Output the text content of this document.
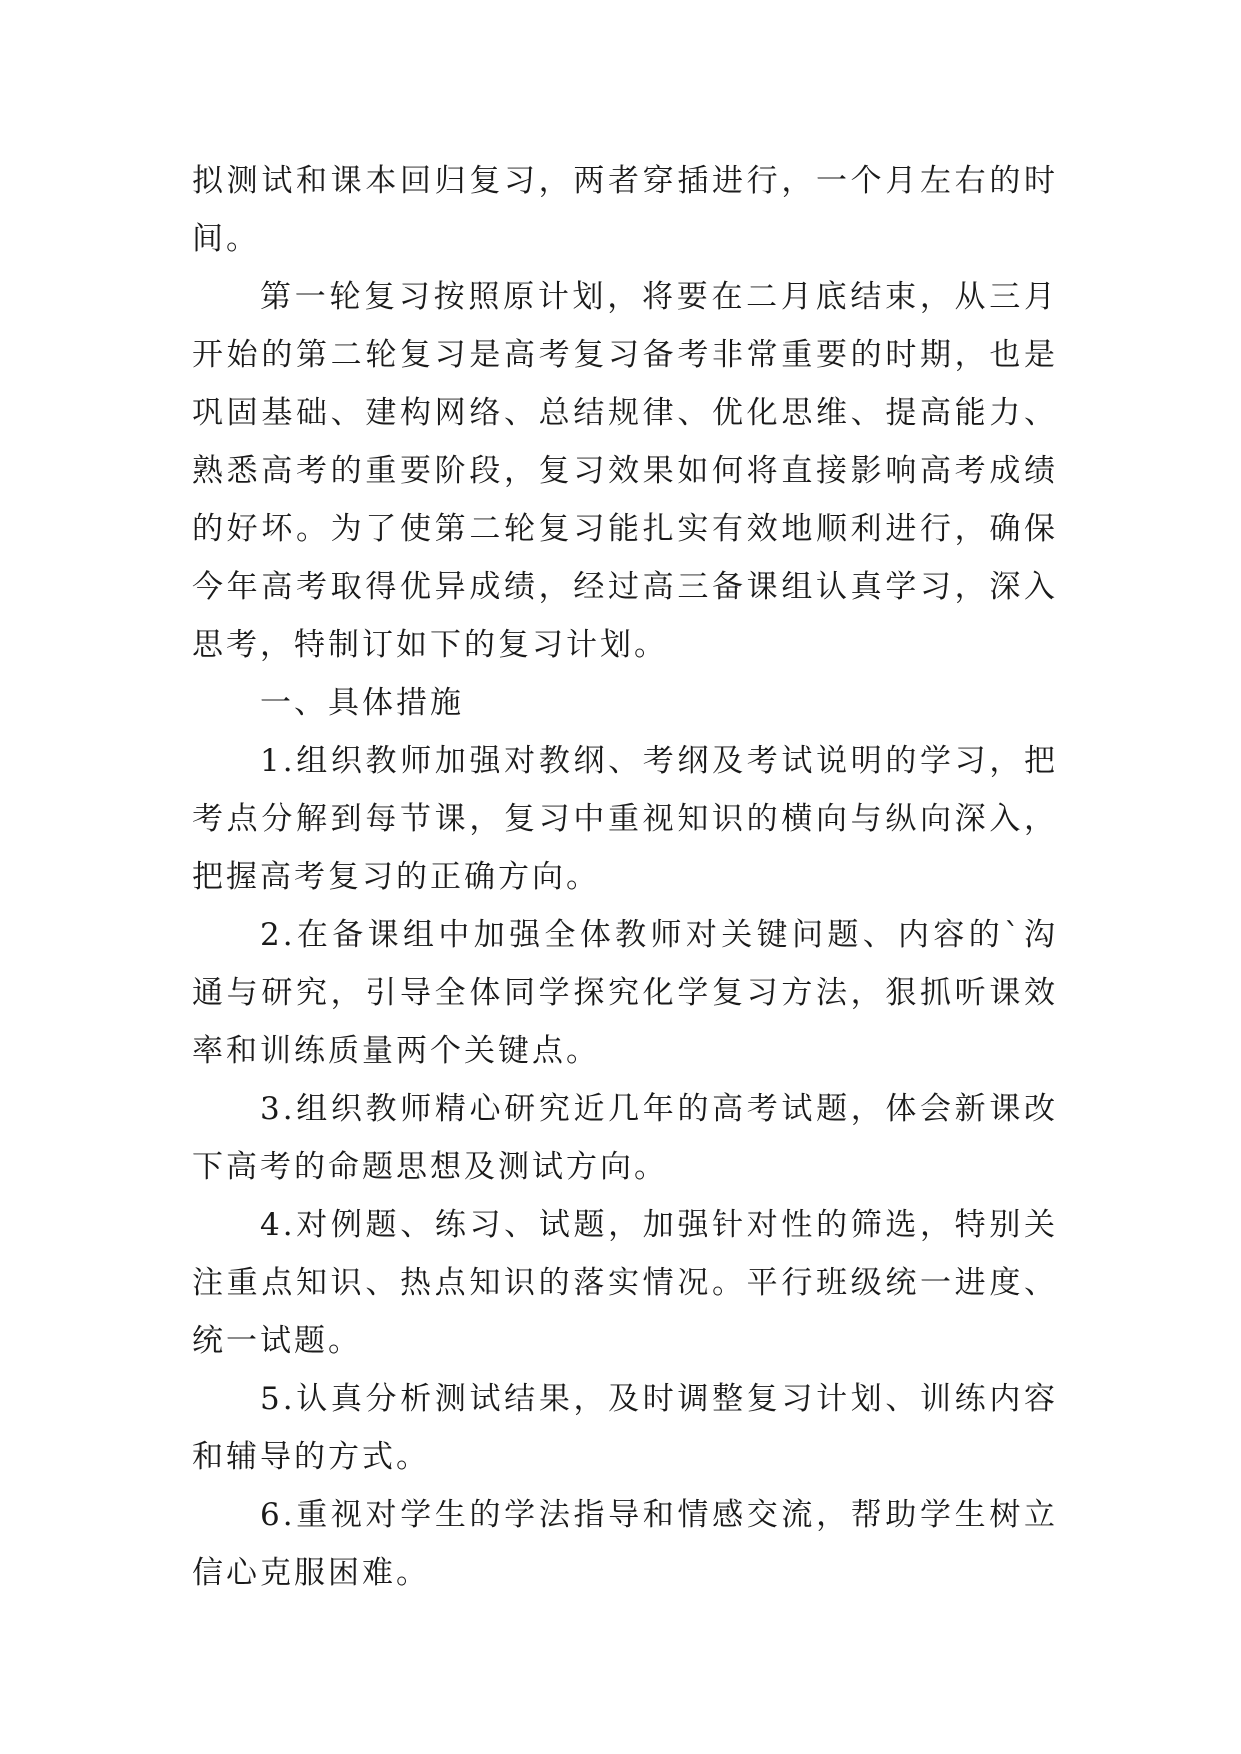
拟测试和课本回归复习，两者穿插进行，一个月左右的时间。

第一轮复习按照原计划，将要在二月底结束，从三月开始的第二轮复习是高考复习备考非常重要的时期，也是巩固基础、建构网络、总结规律、优化思维、提高能力、熟悉高考的重要阶段，复习效果如何将直接影响高考成绩的好坏。为了使第二轮复习能扎实有效地顺利进行，确保今年高考取得优异成绩，经过高三备课组认真学习，深入思考，特制订如下的复习计划。

一、具体措施

1.组织教师加强对教纲、考纲及考试说明的学习，把考点分解到每节课，复习中重视知识的横向与纵向深入，把握高考复习的正确方向。

2.在备课组中加强全体教师对关键问题、内容的`沟通与研究，引导全体同学探究化学复习方法，狠抓听课效率和训练质量两个关键点。

3.组织教师精心研究近几年的高考试题，体会新课改下高考的命题思想及测试方向。

4.对例题、练习、试题，加强针对性的筛选，特别关注重点知识、热点知识的落实情况。平行班级统一进度、统一试题。

5.认真分析测试结果，及时调整复习计划、训练内容和辅导的方式。

6.重视对学生的学法指导和情感交流，帮助学生树立信心克服困难。
